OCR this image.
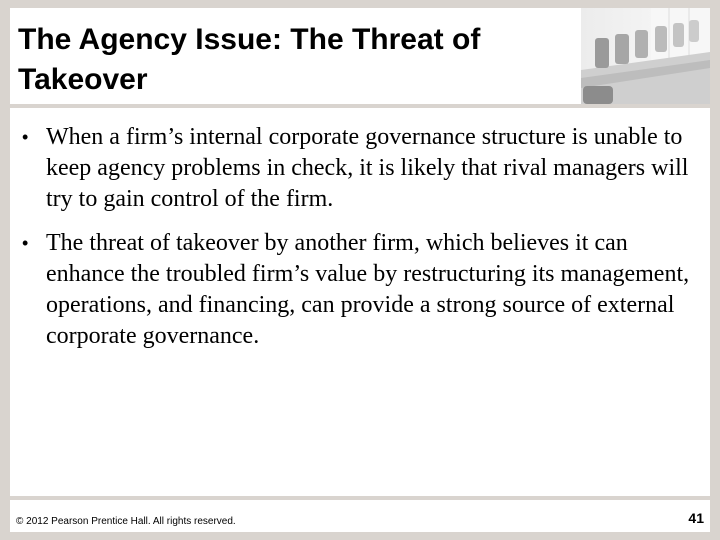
The Agency Issue: The Threat of Takeover
• When a firm’s internal corporate governance structure is unable to keep agency problems in check, it is likely that rival managers will try to gain control of the firm.
• The threat of takeover by another firm, which believes it can enhance the troubled firm’s value by restructuring its management, operations, and financing, can provide a strong source of external corporate governance.
© 2012 Pearson Prentice Hall. All rights reserved.	41
